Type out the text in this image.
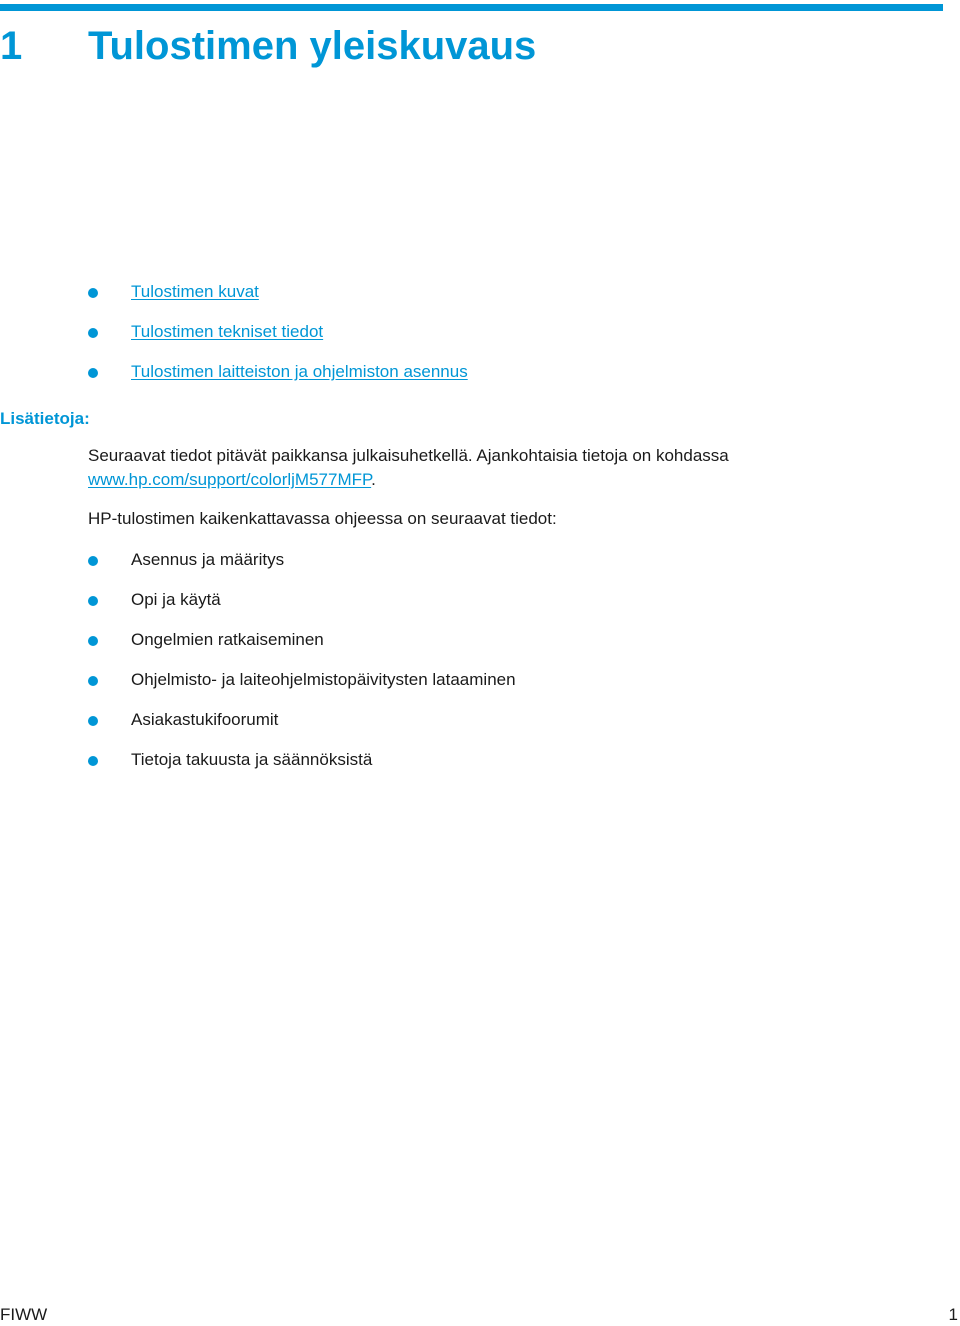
1 Tulostimen yleiskuvaus
Tulostimen kuvat
Tulostimen tekniset tiedot
Tulostimen laitteiston ja ohjelmiston asennus
Lisätietoja:
Seuraavat tiedot pitävät paikkansa julkaisuhetkellä. Ajankohtaisia tietoja on kohdassa www.hp.com/support/colorljM577MFP.
HP-tulostimen kaikenkattavassa ohjeessa on seuraavat tiedot:
Asennus ja määritys
Opi ja käytä
Ongelmien ratkaiseminen
Ohjelmisto- ja laiteohjelmistopäivitysten lataaminen
Asiakastukifoorumit
Tietoja takuusta ja säännöksistä
FIWW	1
